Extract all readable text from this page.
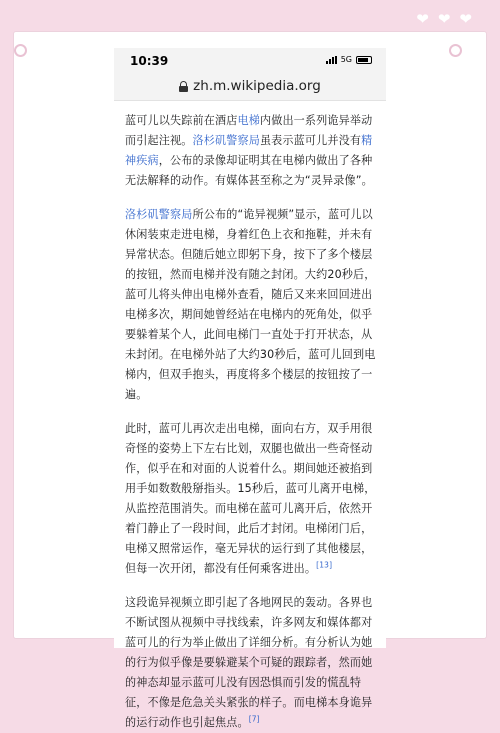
❤ ❤ ❤
10:39	5G
zh.m.wikipedia.org

蓝可儿以失踪前在酒店电梯内做出一系列诡异举动而引起注视。洛杉矶警察局虽表示蓝可儿并没有精神疾病，公布的录像却证明其在电梯内做出了各种无法解释的动作。有媒体甚至称之为“灵异录像”。

洛杉矶警察局所公布的“诡异视频”显示，蓝可儿以休闲装束走进电梯，身着红色上衣和拖鞋，并未有异常状态。但随后她立即躬下身，按下了多个楼层的按钮，然而电梯并没有随之封闭。大约20秒后，蓝可儿将头伸出电梯外查看，随后又来来回回进出电梯多次，期间她曾经站在电梯内的死角处，似乎要躲着某个人，此间电梯门一直处于打开状态，从未封闭。在电梯外站了大约30秒后，蓝可儿回到电梯内，但双手抱头，再度将多个楼层的按钮按了一遍。

此时，蓝可儿再次走出电梯，面向右方，双手用很奇怪的姿势上下左右比划，双腿也做出一些奇怪动作，似乎在和对面的人说着什么。期间她还被掐到用手如数数般掰指头。15秒后，蓝可儿离开电梯，从监控范围消失。而电梯在蓝可儿离开后，依然开着门静止了一段时间，此后才封闭。电梯闭门后，电梯又照常运作，毫无异状的运行到了其他楼层，但每一次开闭，都没有任何乘客进出。[13]

这段诡异视频立即引起了各地网民的轰动。各界也不断试图从视频中寻找线索，许多网友和媒体都对蓝可儿的行为举止做出了详细分析。有分析认为她的行为似乎像是要躲避某个可疑的跟踪者，然而她的神态却显示蓝可儿没有因恐惧而引发的慌乱特征，不像是危急关头紧张的样子。而电梯本身诡异的运行动作也引起焦点。[7]
